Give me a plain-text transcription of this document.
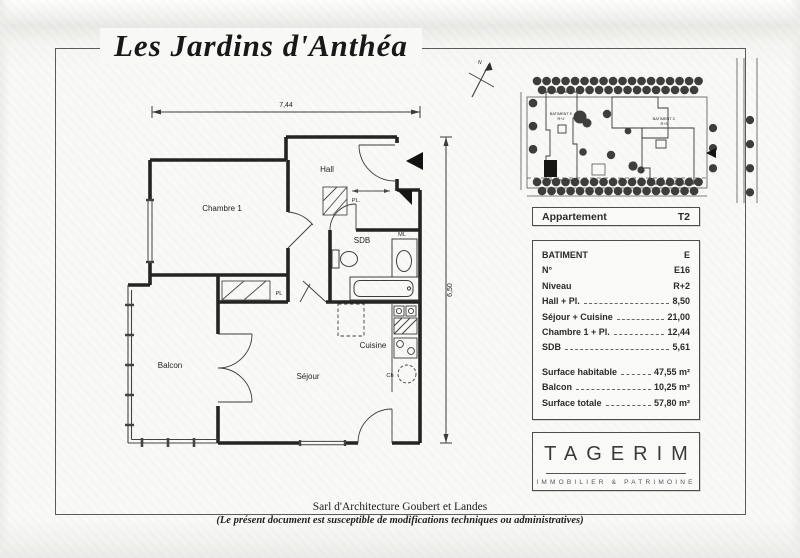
Les Jardins d'Anthéa
7,44
6,50
Chambre 1
Hall
SDB
Séjour
Cuisine
Balcon
PL.
PL
ML
Ch
N
BATIMENT E
R+2	BATIMENT C
R+3
Appartement	T2
BATIMENT	E
N°	E16
Niveau	R+2
Hall + Pl.	8,50
Séjour + Cuisine	21,00
Chambre 1 + Pl.	12,44
SDB	5,61
Surface habitable	47,55 m²
Balcon	10,25 m²
Surface totale	57,80 m²
TAGERIM
IMMOBILIER & PATRIMOINE
Sarl d'Architecture Goubert et Landes
(Le présent document est susceptible de modifications techniques ou administratives)
